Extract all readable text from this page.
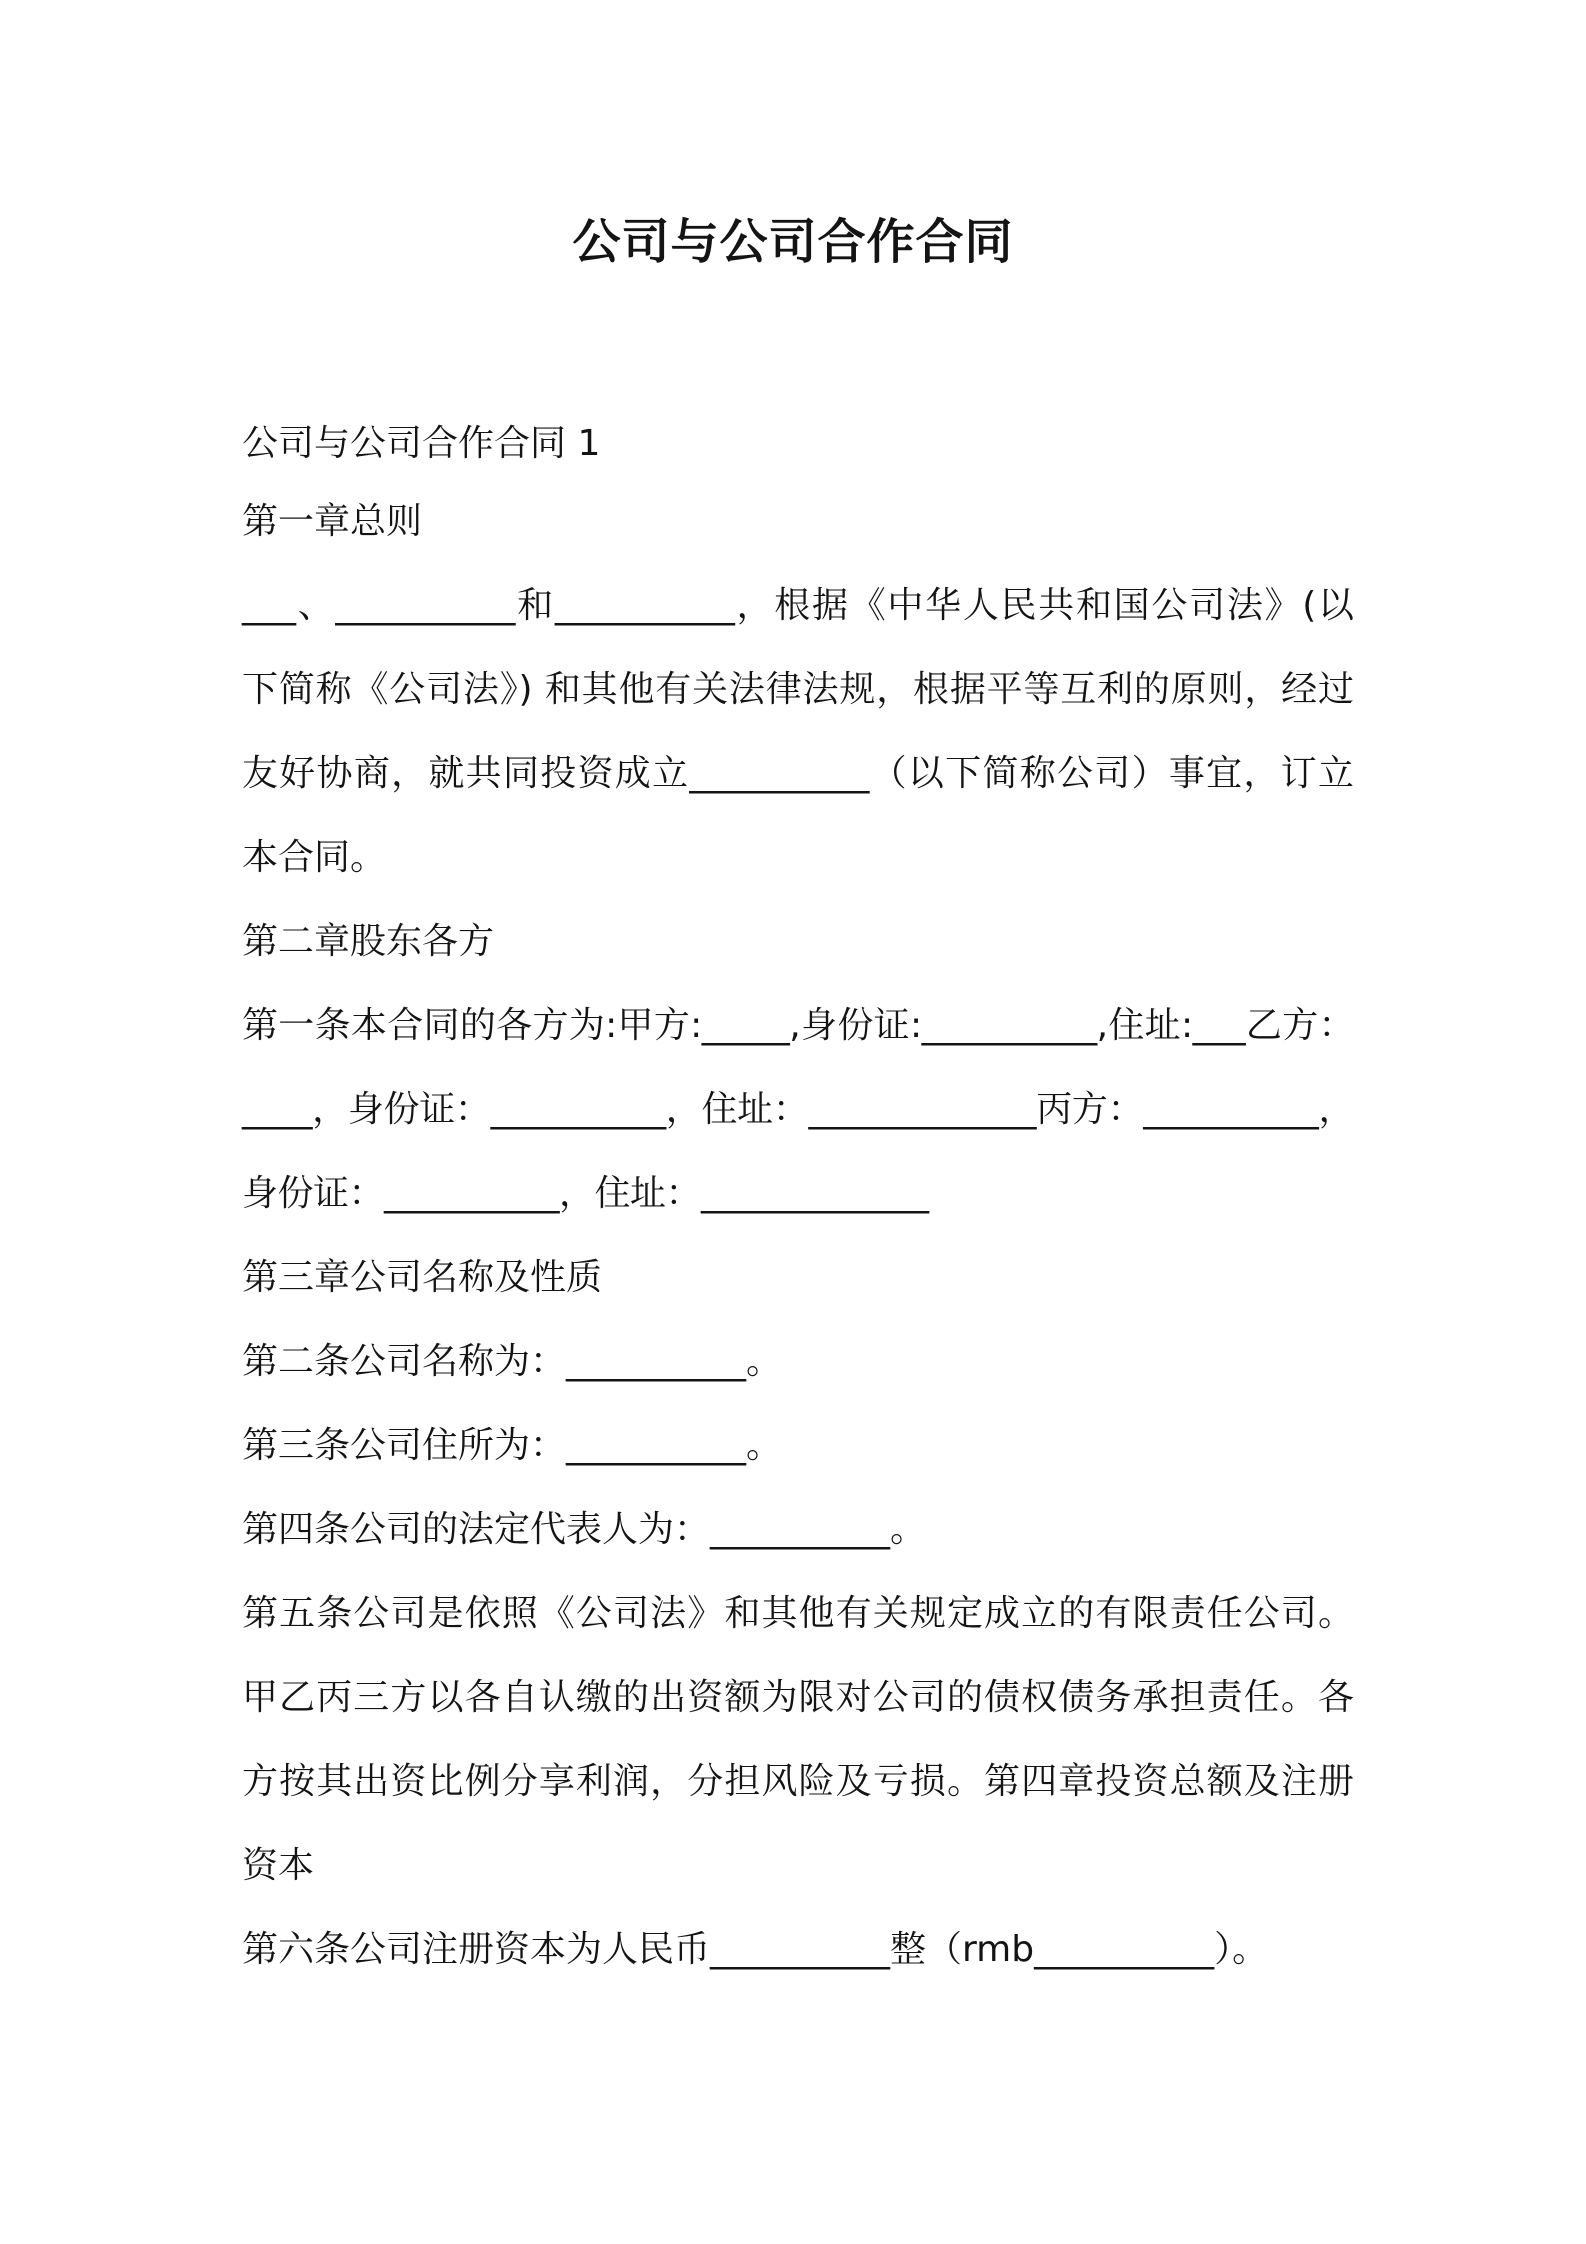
公司与公司合作合同
公司与公司合作合同 1
第一章总则
___、__________和__________，根据《中华人民共和国公司法》(以下简称《公司法》) 和其他有关法律法规，根据平等互利的原则，经过友好协商，就共同投资成立__________（以下简称公司）事宜，订立本合同。
第二章股东各方
第一条本合同的各方为:甲方:_____,身份证:__________,住址:___乙方：____，身份证：__________，住址：_____________丙方：__________，身份证：__________，住址：_____________
第三章公司名称及性质
第二条公司名称为：__________。
第三条公司住所为：__________。
第四条公司的法定代表人为：__________。
第五条公司是依照《公司法》和其他有关规定成立的有限责任公司。甲乙丙三方以各自认缴的出资额为限对公司的债权债务承担责任。各方按其出资比例分享利润，分担风险及亏损。第四章投资总额及注册资本
第六条公司注册资本为人民币__________整（rmb__________）。
